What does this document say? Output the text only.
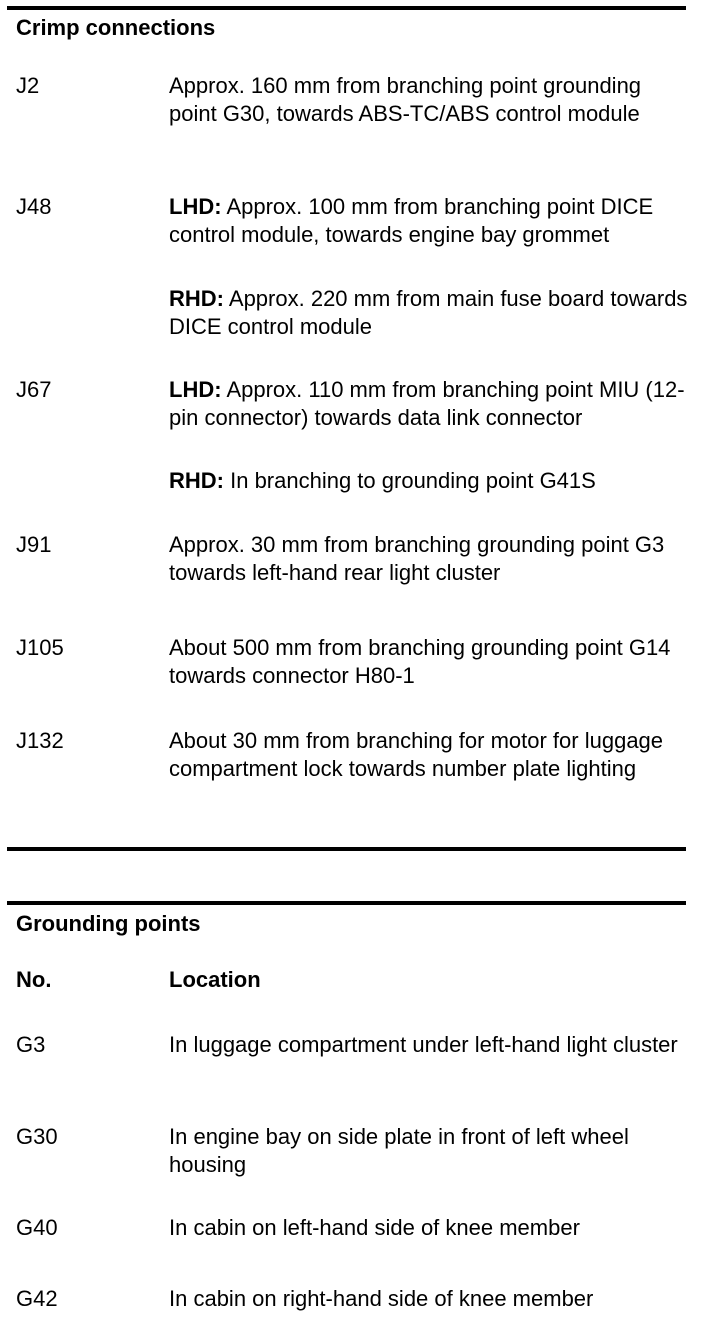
Crimp connections
J2	Approx. 160 mm from branching point grounding point G30, towards ABS-TC/ABS control module
J48	LHD: Approx. 100 mm from branching point DICE control module, towards engine bay grommet
RHD: Approx. 220 mm from main fuse board towards DICE control module
J67	LHD: Approx. 110 mm from branching point MIU (12-pin connector) towards data link connector
RHD: In branching to grounding point G41S
J91	Approx. 30 mm from branching grounding point G3 towards left-hand rear light cluster
J105	About 500 mm from branching grounding point G14 towards connector H80-1
J132	About 30 mm from branching for motor for luggage compartment lock towards number plate lighting
Grounding points
No.	Location
G3	In luggage compartment under left-hand light cluster
G30	In engine bay on side plate in front of left wheel housing
G40	In cabin on left-hand side of knee member
G42	In cabin on right-hand side of knee member
